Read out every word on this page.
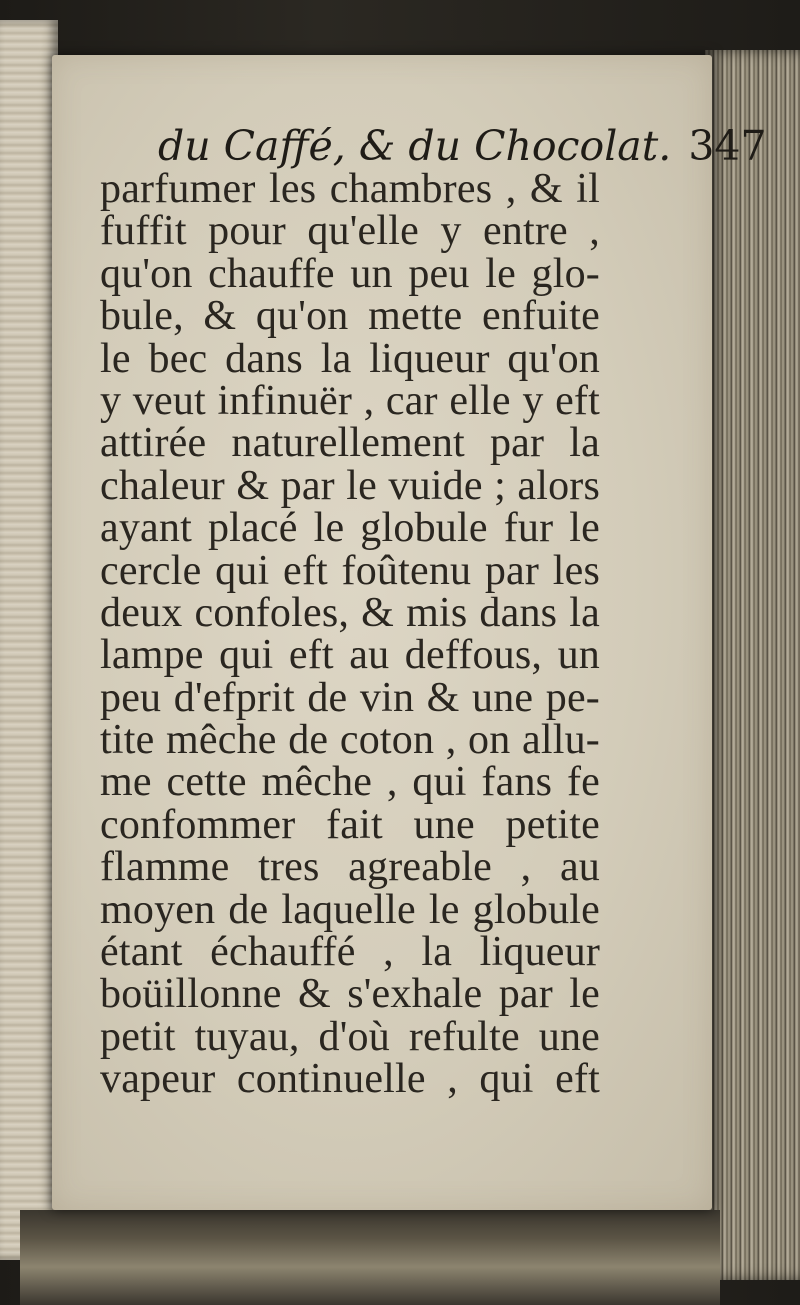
du Caffé, & du Chocolat. 347
parfumer les chambres , & il
fuffit pour qu'elle y entre ,
qu'on chauffe un peu le glo-
bule, & qu'on mette enfuite
le bec dans la liqueur qu'on
y veut infinuër , car elle y eft
attirée naturellement par la
chaleur & par le vuide ; alors
ayant placé le globule fur le
cercle qui eft foûtenu par les
deux confoles, & mis dans la
lampe qui eft au deffous, un
peu d'efprit de vin & une pe-
tite mêche de coton , on allu-
me cette mêche , qui fans fe
confommer fait une petite
flamme tres agreable , au
moyen de laquelle le globule
étant échauffé , la liqueur
boüillonne & s'exhale par le
petit tuyau, d'où refulte une
vapeur continuelle , qui eft
